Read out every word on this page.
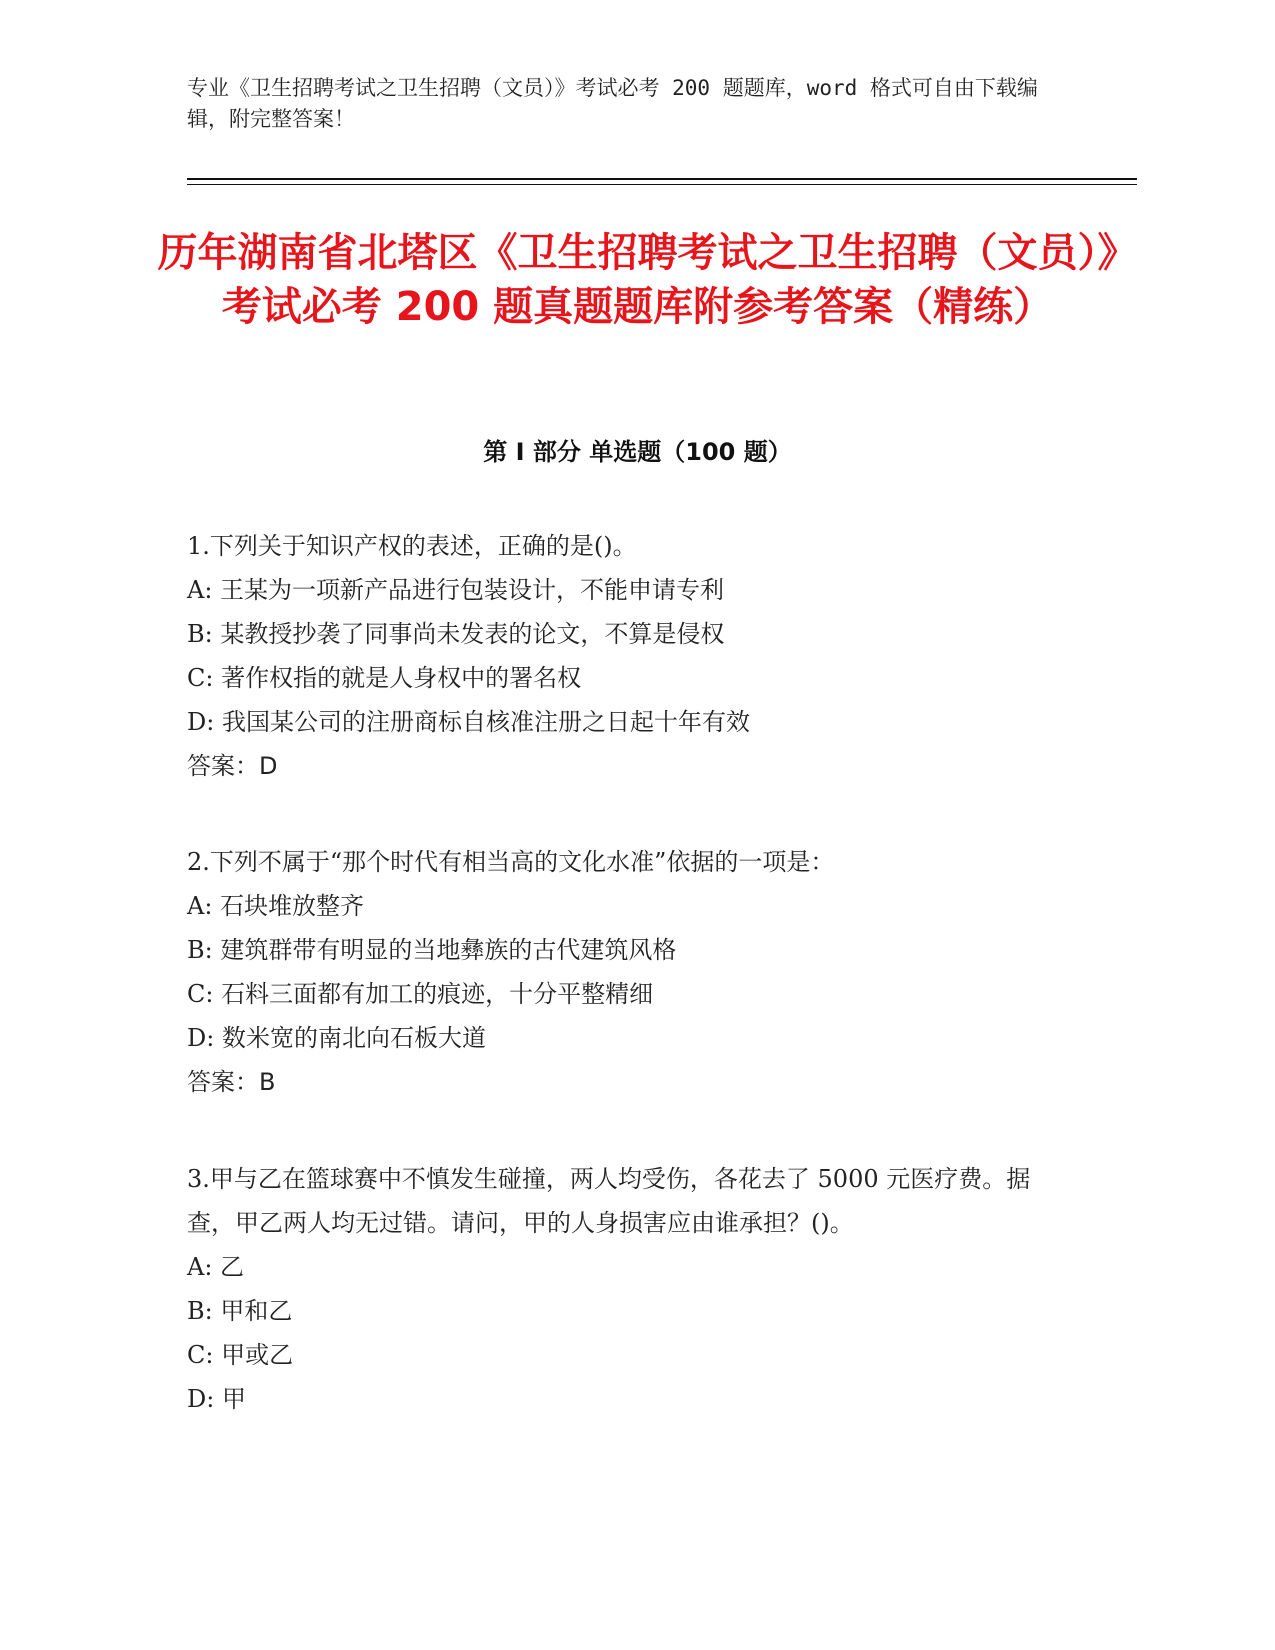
专业《卫生招聘考试之卫生招聘（文员）》考试必考 200 题题库，word 格式可自由下载编辑，附完整答案！
历年湖南省北塔区《卫生招聘考试之卫生招聘（文员）》考试必考 200 题真题题库附参考答案（精练）
第 I 部分 单选题（100 题）
1.下列关于知识产权的表述，正确的是()。
A: 王某为一项新产品进行包装设计，不能申请专利
B: 某教授抄袭了同事尚未发表的论文，不算是侵权
C: 著作权指的就是人身权中的署名权
D: 我国某公司的注册商标自核准注册之日起十年有效
答案：D
2.下列不属于“那个时代有相当高的文化水准”依据的一项是：
A: 石块堆放整齐
B: 建筑群带有明显的当地彝族的古代建筑风格
C: 石料三面都有加工的痕迹，十分平整精细
D: 数米宽的南北向石板大道
答案：B
3.甲与乙在篮球赛中不慎发生碰撞，两人均受伤，各花去了 5000 元医疗费。据查，甲乙两人均无过错。请问，甲的人身损害应由谁承担？()。
A: 乙
B: 甲和乙
C: 甲或乙
D: 甲
